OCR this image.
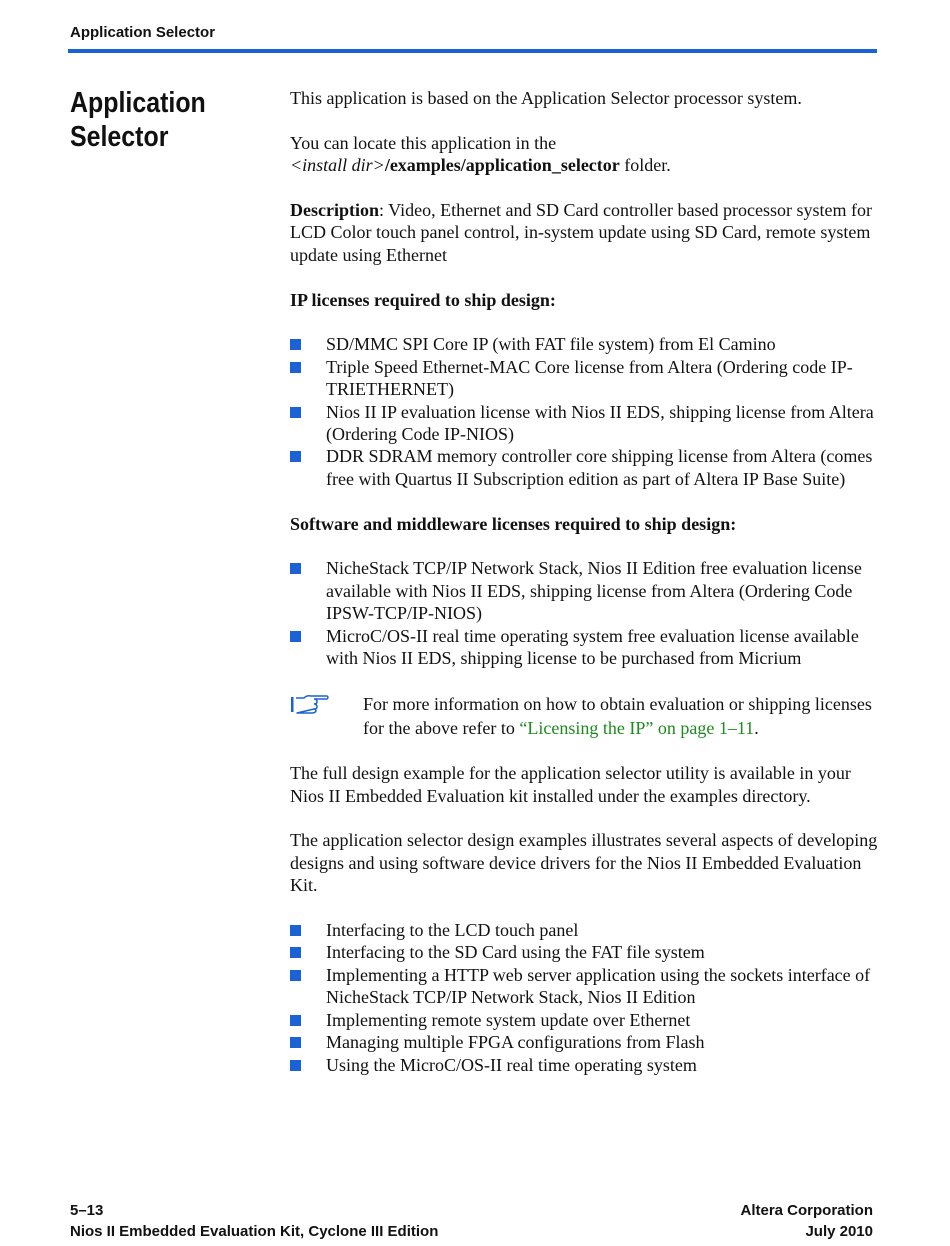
Application Selector
Application Selector

This application is based on the Application Selector processor system.

You can locate this application in the
<install dir>/examples/application_selector folder.

Description: Video, Ethernet and SD Card controller based processor system for LCD Color touch panel control, in-system update using SD Card, remote system update using Ethernet

IP licenses required to ship design:

SD/MMC SPI Core IP (with FAT file system) from El Camino
Triple Speed Ethernet-MAC Core license from Altera (Ordering code IP-TRIETHERNET)
Nios II IP evaluation license with Nios II EDS, shipping license from Altera (Ordering Code IP-NIOS)
DDR SDRAM memory controller core shipping license from Altera (comes free with Quartus II Subscription edition as part of Altera IP Base Suite)

Software and middleware licenses required to ship design:

NicheStack TCP/IP Network Stack, Nios II Edition free evaluation license available with Nios II EDS, shipping license from Altera (Ordering Code IPSW-TCP/IP-NIOS)
MicroC/OS-II real time operating system free evaluation license available with Nios II EDS, shipping license to be purchased from Micrium
For more information on how to obtain evaluation or shipping licenses for the above refer to “Licensing the IP” on page 1–11.

The full design example for the application selector utility is available in your Nios II Embedded Evaluation kit installed under the examples directory.

The application selector design examples illustrates several aspects of developing designs and using software device drivers for the Nios II Embedded Evaluation Kit.

Interfacing to the LCD touch panel
Interfacing to the SD Card using the FAT file system
Implementing a HTTP web server application using the sockets interface of NicheStack TCP/IP Network Stack, Nios II Edition
Implementing remote system update over Ethernet
Managing multiple FPGA configurations from Flash
Using the MicroC/OS-II real time operating system
5–13
Nios II Embedded Evaluation Kit, Cyclone III Edition
Altera Corporation
July 2010
